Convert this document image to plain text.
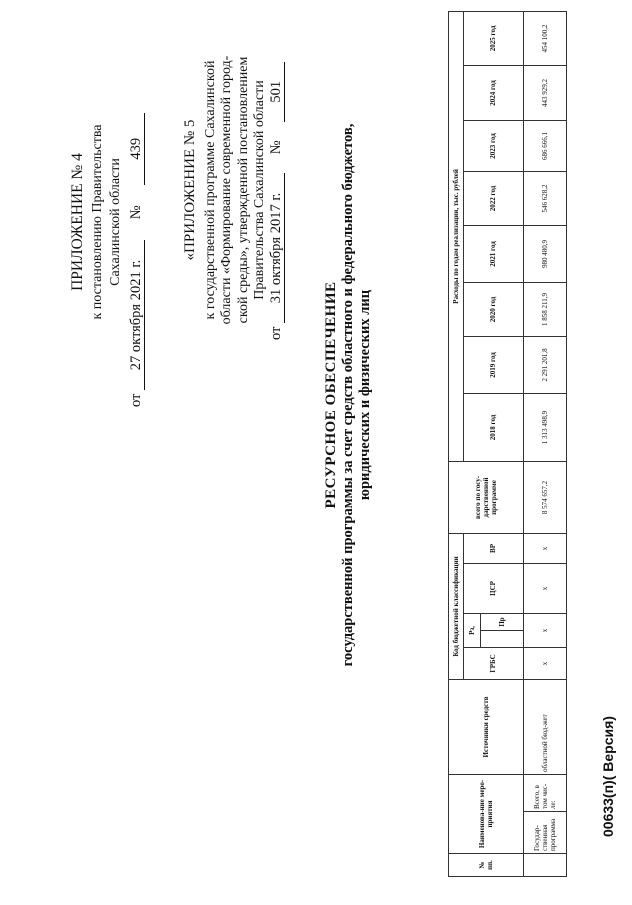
ПРИЛОЖЕНИЕ № 4 к постановлению Правительства Сахалинской области
от 27 октября 2021 г. № 439	«ПРИЛОЖЕНИЕ № 5 к государственной программе Сахалинской области «Формирование современной город- ской среды», утвержденной постановлением Правительства Сахалинской области
от 31 октября 2017 г. № 501
РЕСУРСНОЕ ОБЕСПЕЧЕНИЕ государственной программы за счет средств областного и федерального бюджетов, юридических и физических лиц
№ пп.	Наименова-ние меро-приятия		Источники средств	Код бюджетной классификации					всего по госу-дарственной программе	Расходы по годам реализации, тыс. рублей							
				ГРБС	Рз,		ЦСР	ВР		2018 год	2019 год	2020 год	2021 год	2022 год	2023 год	2024 год	2025 год
						Пр											
	Государ-ственная программа	Всего, в том чис-ле:	областной бюд-жет	х	х		х	х	8 574 657,2	1 313 498,9	2 291 201,8	1 858 211,9	980 480,9	546 628,2	686 666,1	443 929,2	454 100,2
00633(п)( Версия)
